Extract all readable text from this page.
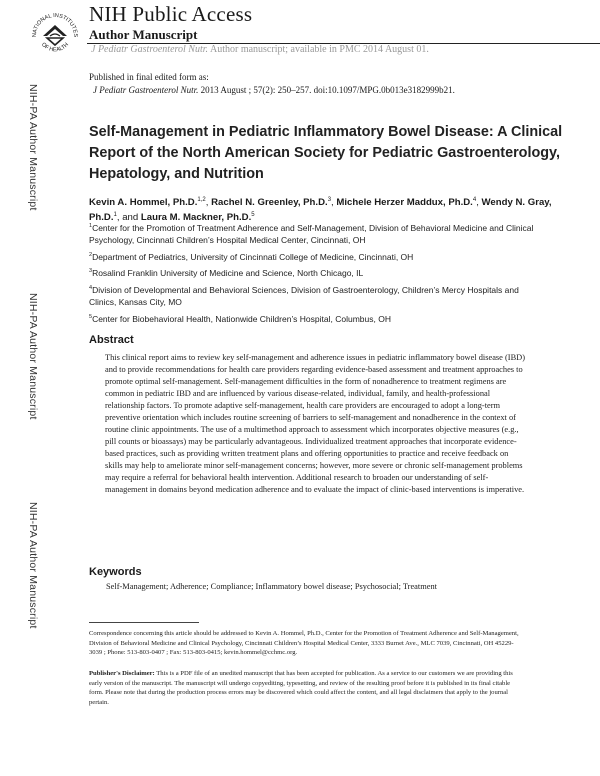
NATIONAL INSTITUTES
OF HEALTH
NIH Public Access
Author Manuscript
J Pediatr Gastroenterol Nutr. Author manuscript; available in PMC 2014 August 01.
Published in final edited form as:
J Pediatr Gastroenterol Nutr. 2013 August ; 57(2): 250–257. doi:10.1097/MPG.0b013e3182999b21.
NIH-PA Author Manuscript
NIH-PA Author Manuscript
NIH-PA Author Manuscript
Self-Management in Pediatric Inflammatory Bowel Disease: A Clinical Report of the North American Society for Pediatric Gastroenterology, Hepatology, and Nutrition
Kevin A. Hommel, Ph.D.$^{1,2}$, Rachel N. Greenley, Ph.D.$^3$, Michele Herzer Maddux, Ph.D.$^4$, Wendy N. Gray, Ph.D.$^1$, and Laura M. Mackner, Ph.D.$^5$
$^1$Center for the Promotion of Treatment Adherence and Self-Management, Division of Behavioral Medicine and Clinical Psychology, Cincinnati Children’s Hospital Medical Center, Cincinnati, OH
$^2$Department of Pediatrics, University of Cincinnati College of Medicine, Cincinnati, OH
$^3$Rosalind Franklin University of Medicine and Science, North Chicago, IL
$^4$Division of Developmental and Behavioral Sciences, Division of Gastroenterology, Children’s Mercy Hospitals and Clinics, Kansas City, MO
$^5$Center for Biobehavioral Health, Nationwide Children’s Hospital, Columbus, OH
Abstract
This clinical report aims to review key self-management and adherence issues in pediatric inflammatory bowel disease (IBD) and to provide recommendations for health care providers regarding evidence-based assessment and treatment approaches to promote optimal self-management. Self-management difficulties in the form of nonadherence to treatment regimens are common in pediatric IBD and are influenced by various disease-related, individual, family, and health-professional relationship factors. To promote adaptive self-management, health care providers are encouraged to adopt a long-term preventive orientation which includes routine screening of barriers to self-management and nonadherence in the context of routine clinic appointments. The use of a multimethod approach to assessment which incorporates objective measures (e.g., pill counts or bioassays) may be particularly advantageous. Individualized treatment approaches that incorporate evidence-based practices, such as providing written treatment plans and offering opportunities to practice and receive feedback on skills may help to ameliorate minor self-management concerns; however, more severe or chronic self-management problems may require a referral for behavioral health intervention. Additional research to broaden our understanding of self-management in domains beyond medication adherence and to evaluate the impact of clinic-based interventions is imperative.
Keywords
Self-Management; Adherence; Compliance; Inflammatory bowel disease; Psychosocial; Treatment
Correspondence concerning this article should be addressed to Kevin A. Hommel, Ph.D., Center for the Promotion of Treatment Adherence and Self-Management, Division of Behavioral Medicine and Clinical Psychology, Cincinnati Children’s Hospital Medical Center, 3333 Burnet Ave., MLC 7039, Cincinnati, OH 45229-3039 ; Phone: 513-803-0407 ; Fax: 513-803-0415; kevin.hommel@cchmc.org.
Publisher's Disclaimer: This is a PDF file of an unedited manuscript that has been accepted for publication. As a service to our customers we are providing this early version of the manuscript. The manuscript will undergo copyediting, typesetting, and review of the resulting proof before it is published in its final citable form. Please note that during the production process errors may be discovered which could affect the content, and all legal disclaimers that apply to the journal pertain.
